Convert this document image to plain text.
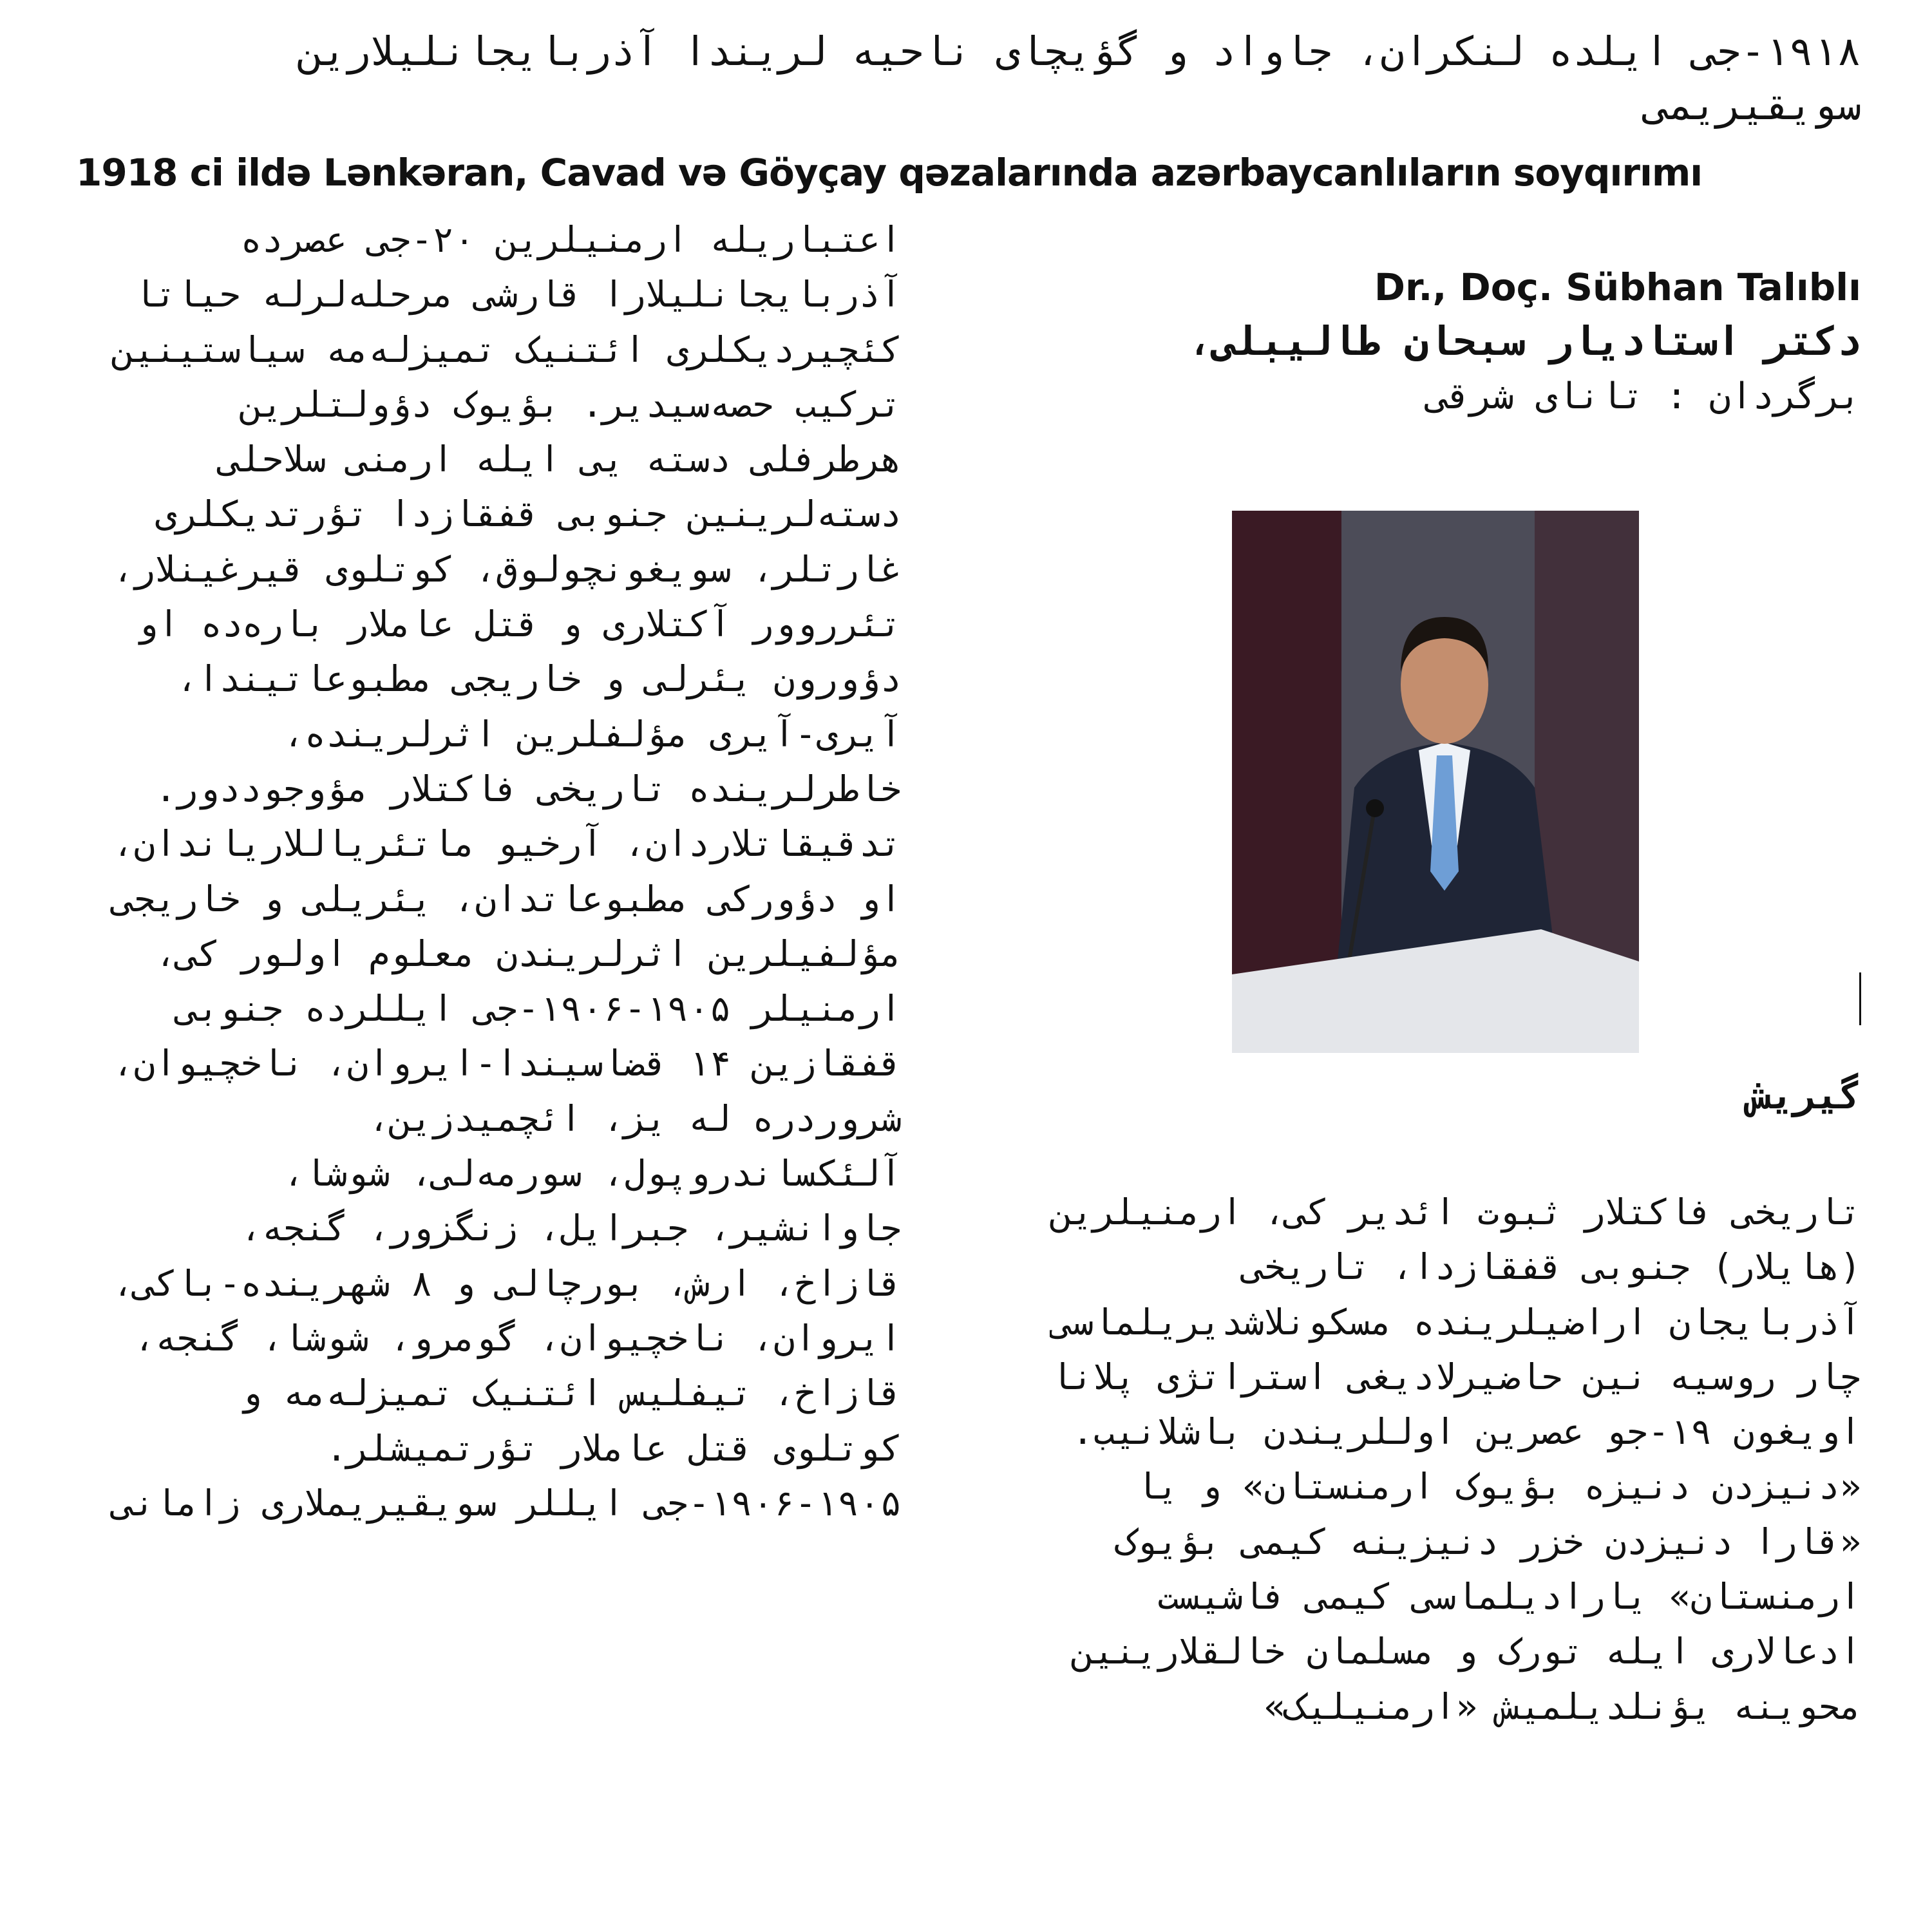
۱۹۱۸-جی ایلده لنکران، جاواد و گؤیچای ناحیه لریندا آذربایجانلیلارین سویقیریمی
1918 ci ildə Lənkəran, Cavad və Göyçay qəzalarında azərbaycanlıların soyqırımı

اعتباریله ارمنیلرین ۲۰-جی عصرده آذربایجانلیلارا قارشی مرحله‌لرله حیاتا کئچیردیکلری ائتنیک تمیزله‌مه سیاستینین ترکیب حصه‌سیدیر. بؤیوک دؤولتلرین هرطرفلی دسته یی ایله ارمنی سلاحلی دسته‌لرینین جنوبی قفقازدا تؤرتدیکلری غارتلر، سویغونچولوق، کوتلوی قیرغینلار، تئرروور آکتلاری و قتل عاملار بارەده او دؤورون یئرلی و خاریجی مطبوعاتیندا، آیری-آیری مؤلفلرین اثرلرینده، خاطرلرینده تاریخی فاکتلار مؤوجوددور. تدقیقاتلاردان، آرخیو ماتئریاللاریاندان، او دؤورکی مطبوعاتدان، یئریلی و خاریجی مؤلفیلرین اثرلریندن معلوم اولور کی، ارمنیلر ۱۹۰۵-۱۹۰۶-جی ایللرده جنوبی قفقازین ۱۴ قضاسیندا-ایروان، ناخچیوان، شروردره له یز، ائچمیدزین، آلئکساندروپول، سورمه‌لی، شوشا، جاوانشیر، جبرایل، زنگزور، گنجه، قازاخ، ارش، بورچالی و ۸ شهرینده-باکی، ایروان، ناخچیوان، گومرو، شوشا، گنجه، قازاخ، تیفلیس ائتنیک تمیزله‌مه و کوتلوی قتل عاملار تؤرتمیشلر. ۱۹۰۵-۱۹۰۶-جی ایللر سویقیریملاری زامانی

Dr., Doç. Sübhan Talıblı
دکتر استادیار سبحان طالیبلی،
برگردان : تانای شرقی
گیریش

تاریخی فاکتلار ثبوت ائدیر کی، ارمنیلرین (هایلار) جنوبی قفقازدا، تاریخی آذربایجان اراضیلرینده مسکونلاشدیریلماسی چار روسیه نین حاضیرلادیغی استراتژی پلانا اویغون ۱۹-جو عصرین اوللریندن باشلانیب. «دنیزدن دنیزه بؤیوک ارمنستان» و یا «قارا دنیزدن خزر دنیزینه کیمی بؤیوک ارمنستان» یارادیلماسی کیمی فاشیست ادعالاری ایله تورک و مسلمان خالقلارینین محوینه یؤنلدیلمیش «ارمنیلیک»
